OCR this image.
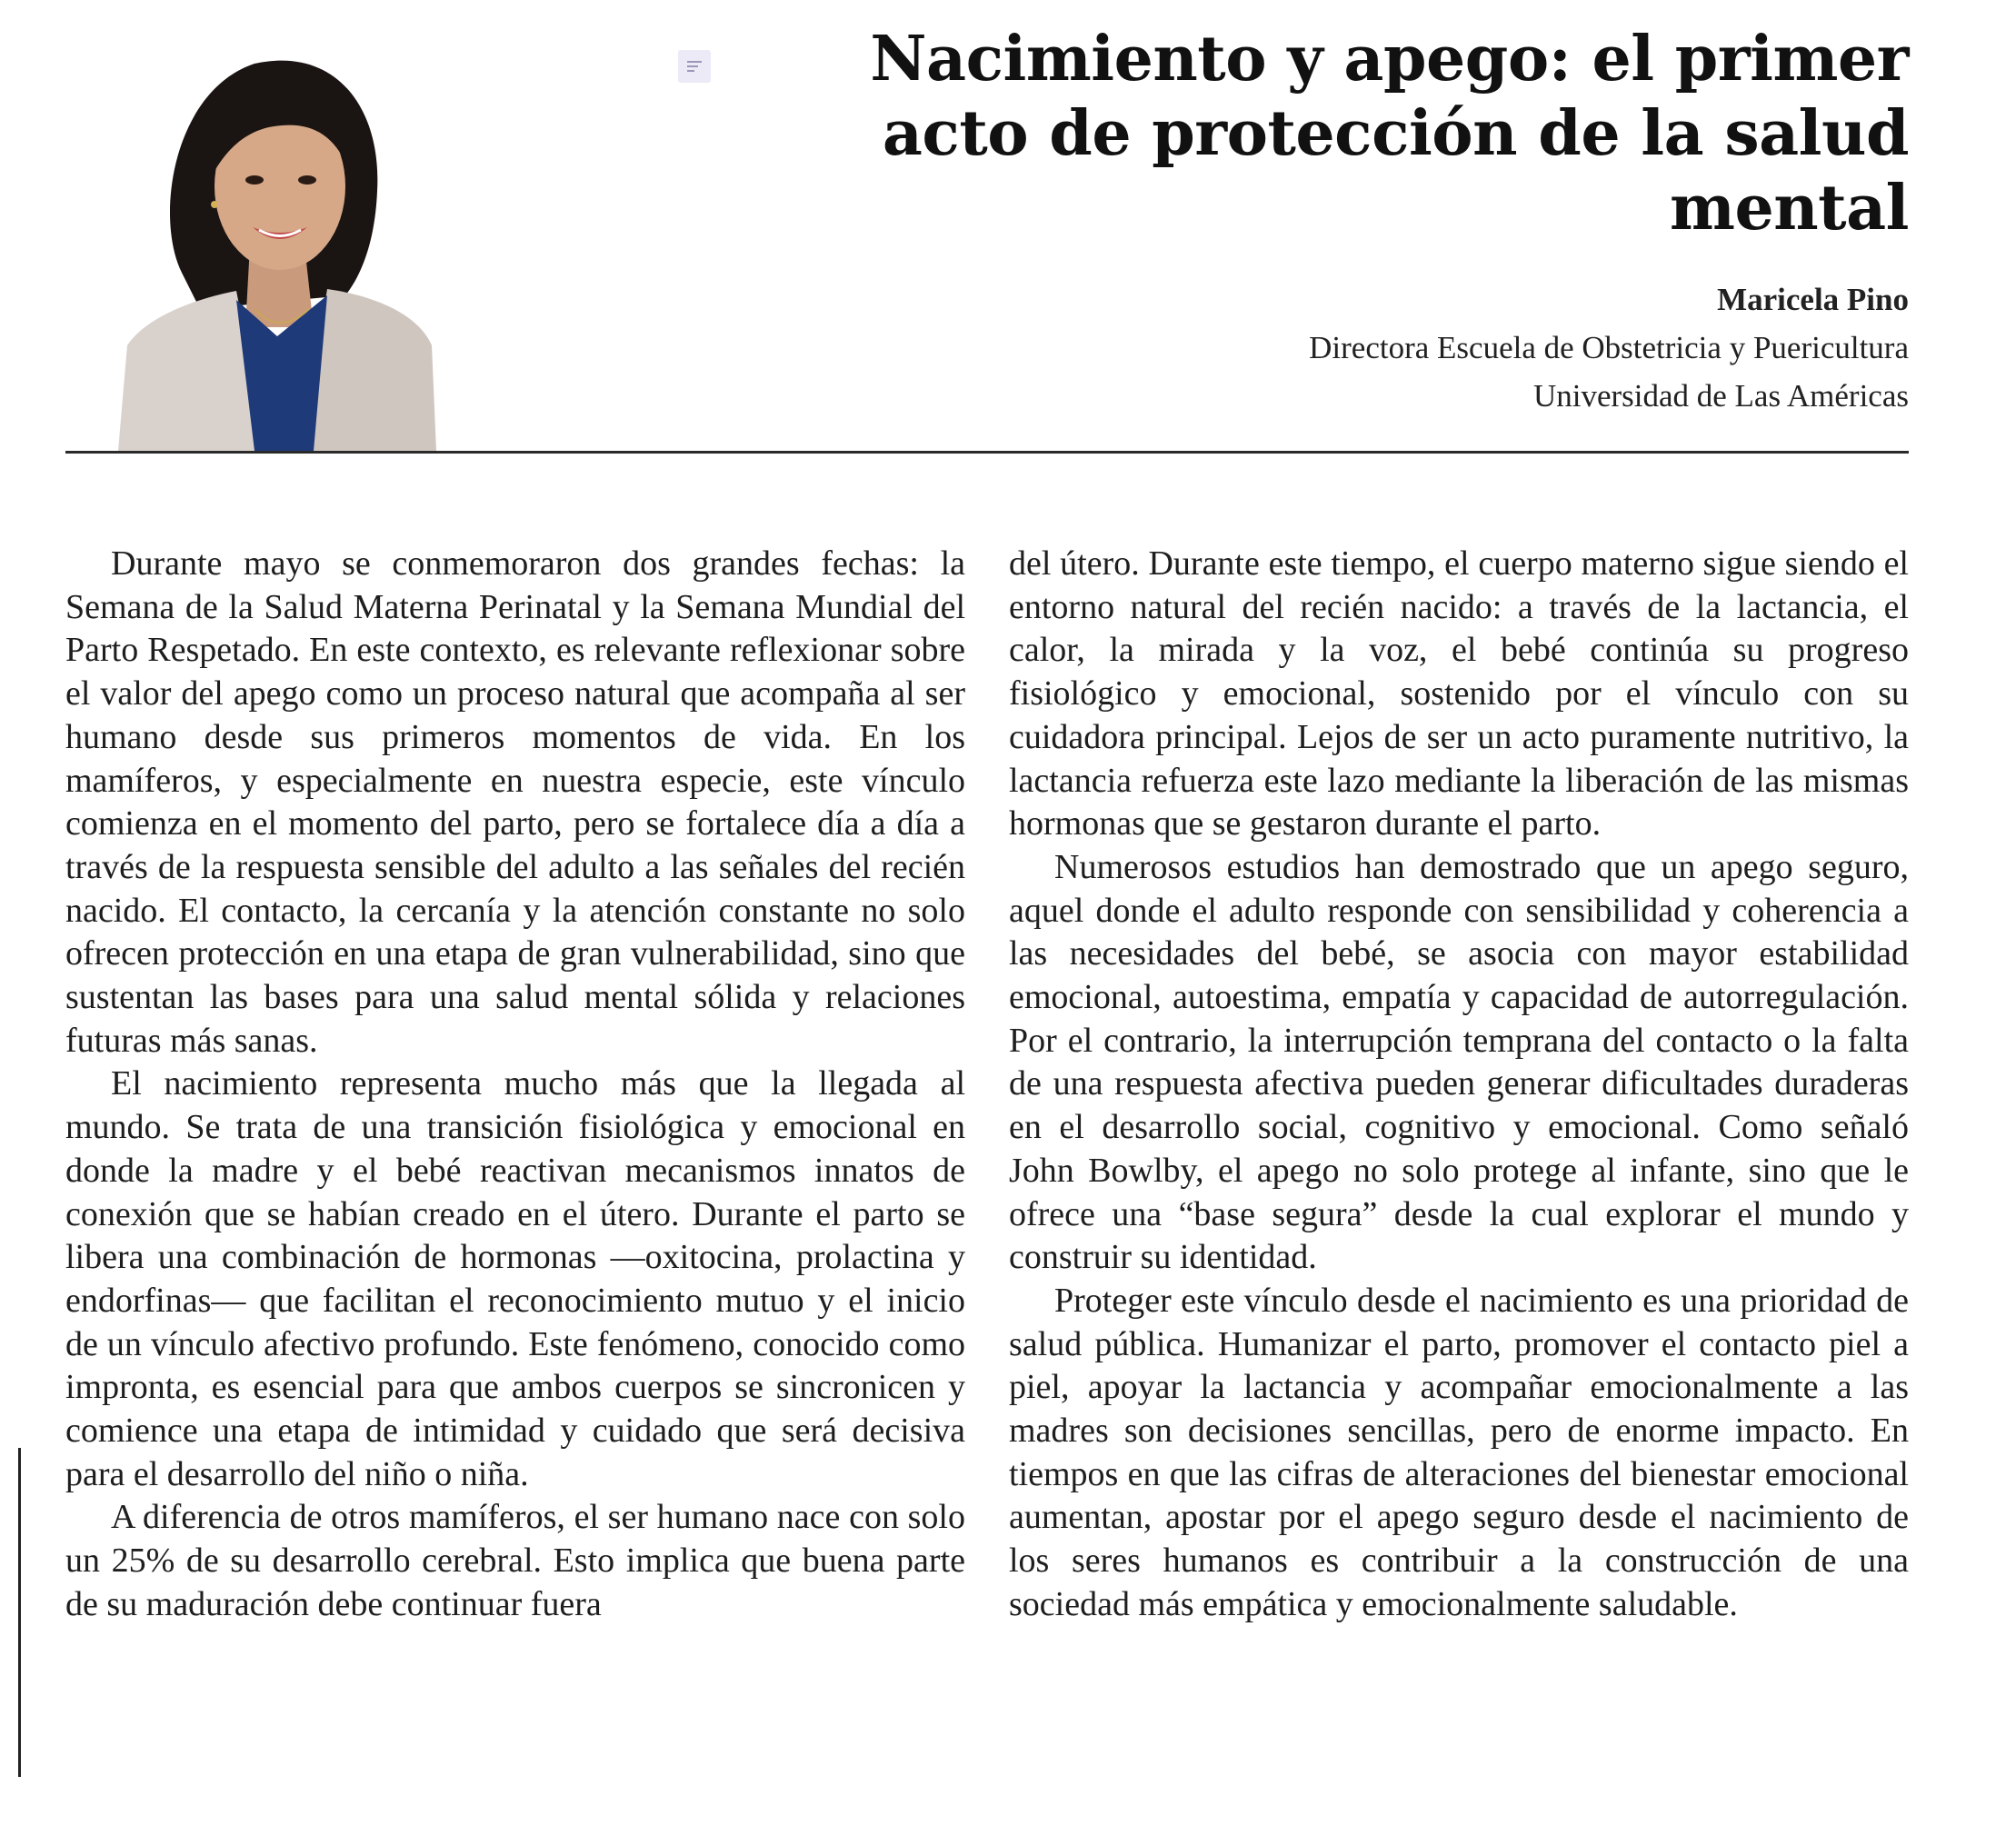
Nacimiento y apego: el primer acto de protección de la salud mental
Maricela Pino
Directora Escuela de Obstetricia y Puericultura
Universidad de Las Américas

Durante mayo se conmemoraron dos grandes fechas: la Semana de la Salud Materna Perinatal y la Semana Mundial del Parto Respetado. En este contexto, es relevante reflexionar sobre el valor del apego como un proceso natural que acompaña al ser humano desde sus primeros momentos de vida. En los mamíferos, y especialmente en nuestra especie, este vínculo comienza en el momento del parto, pero se fortalece día a día a través de la respuesta sensible del adulto a las señales del recién nacido. El contacto, la cercanía y la atención constante no solo ofrecen protección en una etapa de gran vulnerabilidad, sino que sustentan las bases para una salud mental sólida y relaciones futuras más sanas.

El nacimiento representa mucho más que la llegada al mundo. Se trata de una transición fisiológica y emocional en donde la madre y el bebé reactivan mecanismos innatos de conexión que se habían creado en el útero. Durante el parto se libera una combinación de hormonas —oxitocina, prolactina y endorfinas— que facilitan el reconocimiento mutuo y el inicio de un vínculo afectivo profundo. Este fenómeno, conocido como impronta, es esencial para que ambos cuerpos se sincronicen y comience una etapa de intimidad y cuidado que será decisiva para el desarrollo del niño o niña.

A diferencia de otros mamíferos, el ser humano nace con solo un 25% de su desarrollo cerebral. Esto implica que buena parte de su maduración debe continuar fuera

del útero. Durante este tiempo, el cuerpo materno sigue siendo el entorno natural del recién nacido: a través de la lactancia, el calor, la mirada y la voz, el bebé continúa su progreso fisiológico y emocional, sostenido por el vínculo con su cuidadora principal. Lejos de ser un acto puramente nutritivo, la lactancia refuerza este lazo mediante la liberación de las mismas hormonas que se gestaron durante el parto.

Numerosos estudios han demostrado que un apego seguro, aquel donde el adulto responde con sensibilidad y coherencia a las necesidades del bebé, se asocia con mayor estabilidad emocional, autoestima, empatía y capacidad de autorregulación. Por el contrario, la interrupción temprana del contacto o la falta de una respuesta afectiva pueden generar dificultades duraderas en el desarrollo social, cognitivo y emocional. Como señaló John Bowlby, el apego no solo protege al infante, sino que le ofrece una “base segura” desde la cual explorar el mundo y construir su identidad.

Proteger este vínculo desde el nacimiento es una prioridad de salud pública. Humanizar el parto, promover el contacto piel a piel, apoyar la lactancia y acompañar emocionalmente a las madres son decisiones sencillas, pero de enorme impacto. En tiempos en que las cifras de alteraciones del bienestar emocional aumentan, apostar por el apego seguro desde el nacimiento de los seres humanos es contribuir a la construcción de una sociedad más empática y emocionalmente saludable.
